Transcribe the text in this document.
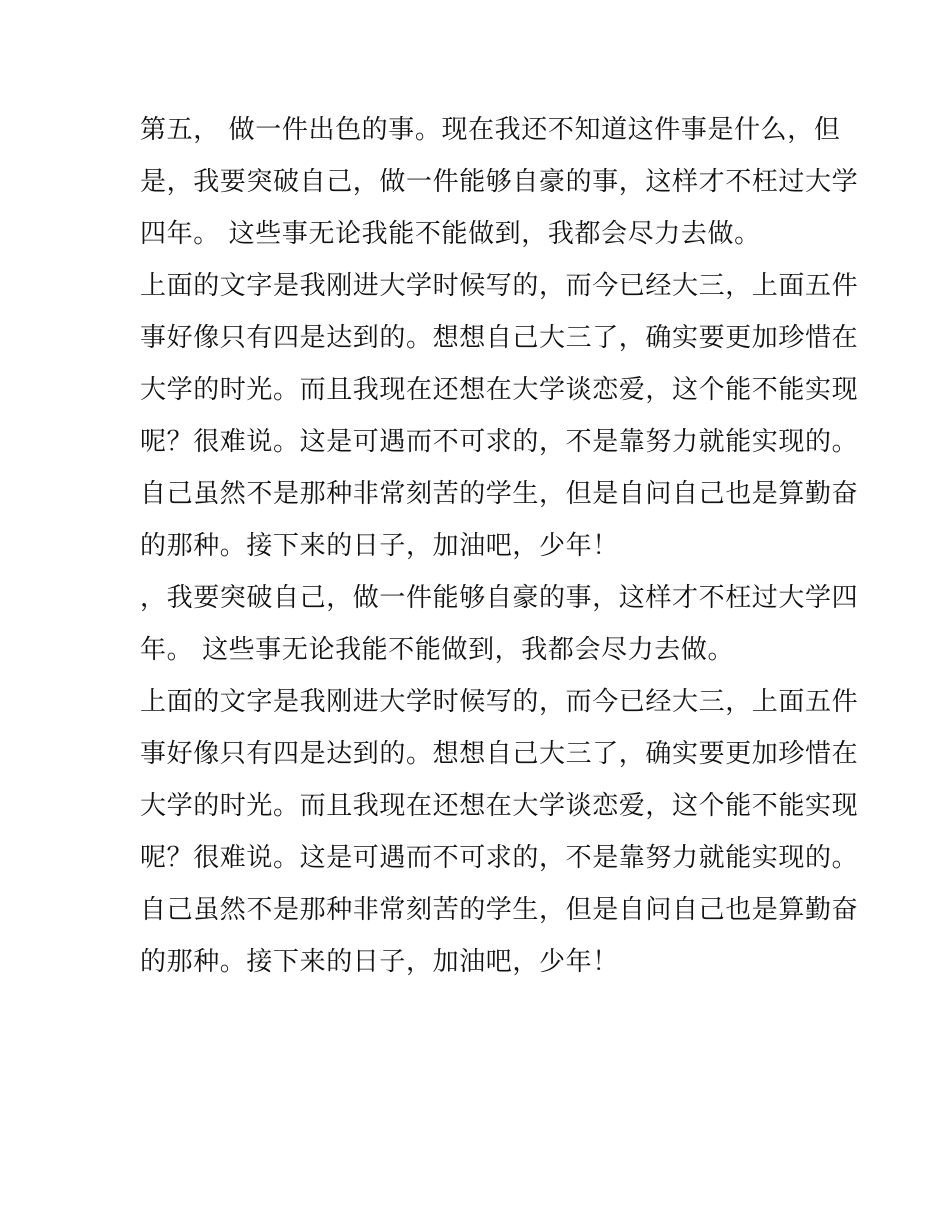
第五， 做一件出色的事。现在我还不知道这件事是什么，但
是，我要突破自己，做一件能够自豪的事，这样才不枉过大学
四年。 这些事无论我能不能做到，我都会尽力去做。
上面的文字是我刚进大学时候写的，而今已经大三，上面五件
事好像只有四是达到的。想想自己大三了，确实要更加珍惜在
大学的时光。而且我现在还想在大学谈恋爱，这个能不能实现
呢？很难说。这是可遇而不可求的，不是靠努力就能实现的。
自己虽然不是那种非常刻苦的学生，但是自问自己也是算勤奋
的那种。接下来的日子，加油吧，少年！
，我要突破自己，做一件能够自豪的事，这样才不枉过大学四
年。 这些事无论我能不能做到，我都会尽力去做。
上面的文字是我刚进大学时候写的，而今已经大三，上面五件
事好像只有四是达到的。想想自己大三了，确实要更加珍惜在
大学的时光。而且我现在还想在大学谈恋爱，这个能不能实现
呢？很难说。这是可遇而不可求的，不是靠努力就能实现的。
自己虽然不是那种非常刻苦的学生，但是自问自己也是算勤奋
的那种。接下来的日子，加油吧，少年！
